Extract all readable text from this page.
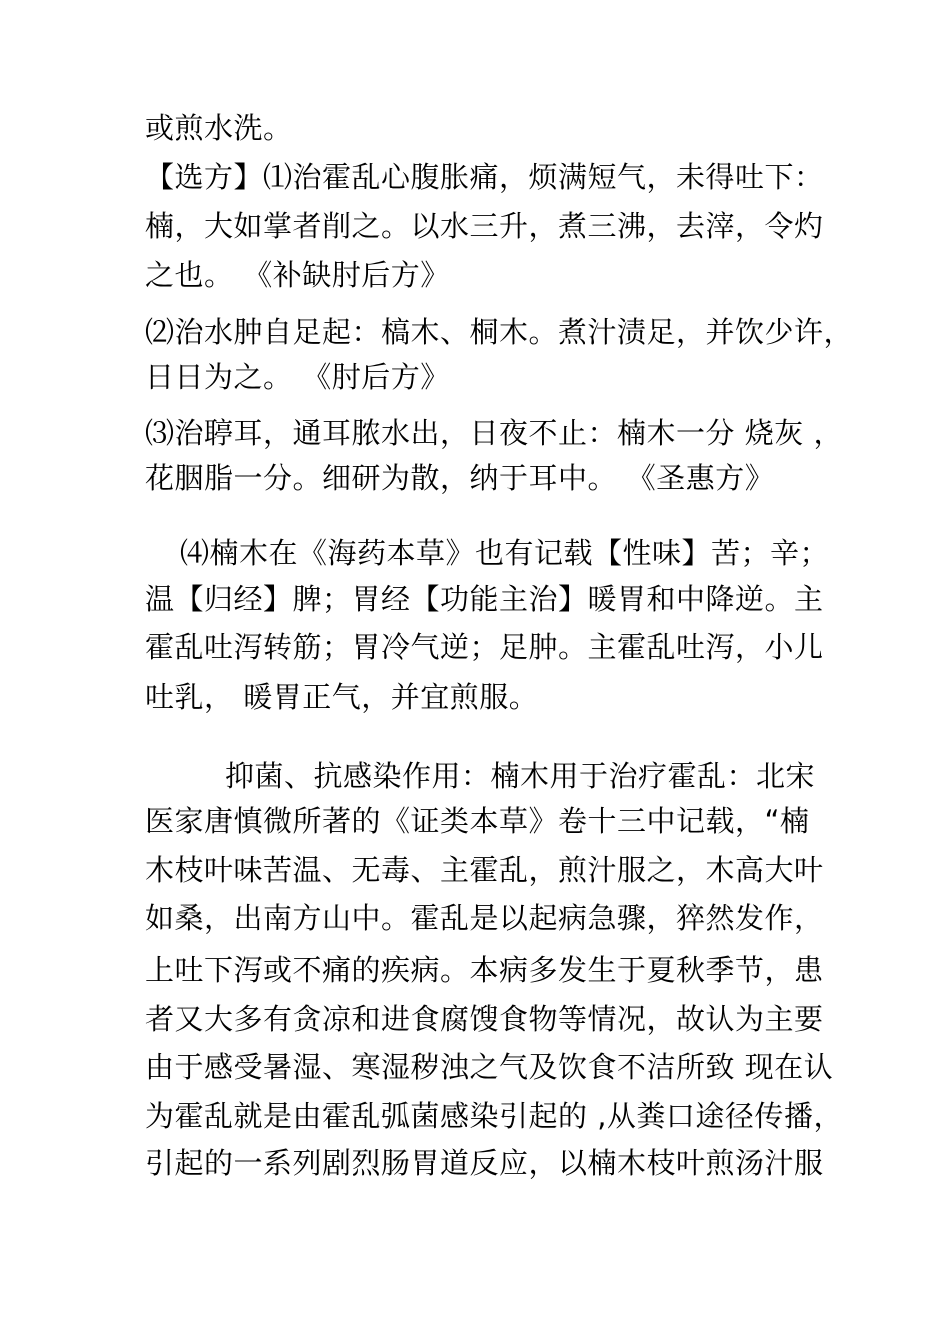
或煎水洗。
【选方】⑴治霍乱心腹胀痛，烦满短气，未得吐下：
楠，大如掌者削之。以水三升，煮三沸，去滓，令灼
之也。 《补缺肘后方》
⑵治水肿自足起：槁木、桐木。煮汁渍足，并饮少许，
日日为之。 《肘后方》
⑶治聤耳，通耳脓水出，日夜不止：楠木一分 烧灰 ，
花胭脂一分。细研为散，纳于耳中。 《圣惠方》
⑷楠木在《海药本草》也有记载【性味】苦；辛；
温【归经】脾；胃经【功能主治】暖胃和中降逆。主
霍乱吐泻转筋；胃冷气逆；足肿。主霍乱吐泻，小儿
吐乳， 暖胃正气，并宜煎服。
抑菌、抗感染作用：楠木用于治疗霍乱：北宋
医家唐慎微所著的《证类本草》卷十三中记载，“楠
木枝叶味苦温、无毒、主霍乱，煎汁服之，木高大叶
如桑，出南方山中。霍乱是以起病急骤，猝然发作，
上吐下泻或不痛的疾病。本病多发生于夏秋季节，患
者又大多有贪凉和进食腐馊食物等情况，故认为主要
由于感受暑湿、寒湿秽浊之气及饮食不洁所致 现在认
为霍乱就是由霍乱弧菌感染引起的 ,从粪口途径传播，
引起的一系列剧烈肠胃道反应，以楠木枝叶煎汤汁服
